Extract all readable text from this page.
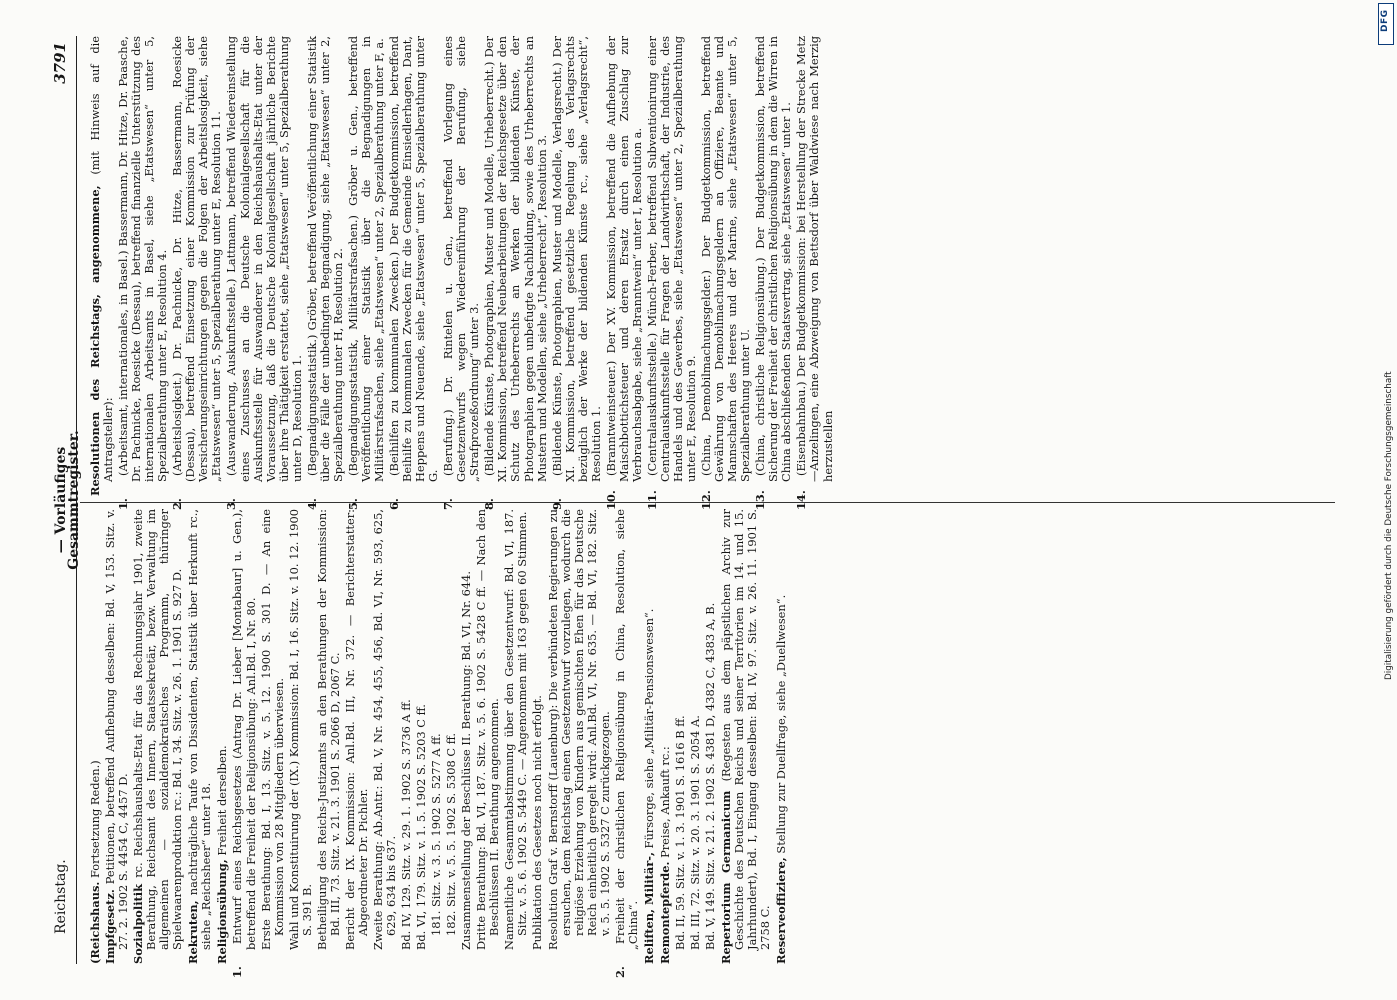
Reichstag.
— Vorläufiges Gesammtregister.
3791

(Reichshaus. Fortsetzung Reden.)

Impfgesetz. Petitionen, betreffend Aufhebung desselben: Bd. V, 153. Sitz. v. 27. 2. 1902 S. 4454 C, 4457 D. Sozialpolitik rc. Reichshaushalts-Etat für das Rechnungsjahr 1901, zweite Berathung, Reichsamt des Innern, Staatssekretär, bezw. Verwaltung im allgemeinen — sozialdemokratisches Programm, thüringer Spielwaarenproduktion rc.: Bd. I, 34. Sitz. v. 26. 1. 1901 S. 927 D. Rekruten, nachträgliche Taufe von Dissidenten, Statistik über Herkunft rc., siehe „Reichsheer“ unter 18. Religionsübung, Freiheit derselben.

1.Entwurf eines Reichsgesetzes (Antrag Dr. Lieber [Montabaur] u. Gen.), betreffend die Freiheit der Religionsübung: Anl.Bd. I, Nr. 80. Erste Berathung: Bd. I, 13. Sitz. v. 5. 12. 1900 S. 301 D. — An eine Kommission von 28 Mitgliedern überwiesen. Wahl und Konstituirung der (IX.) Kommission: Bd. I, 16. Sitz. v. 10. 12. 1900 S. 391 B. Betheiligung des Reichs-Justizamts an den Berathungen der Kommission: Bd. III, 73. Sitz. v. 21. 3. 1901 S. 2066 D, 2067 C. Bericht der IX. Kommission: Anl.Bd. III, Nr. 372. — Berichterstatter: Abgeordneter Dr. Pichler. Zweite Berathung: Ab.Antr.: Bd. V, Nr. 454, 455, 456, Bd. VI, Nr. 593, 625, 629, 634 bis 637. Bd. IV, 129. Sitz. v. 29. 1. 1902 S. 3736 A ff. Bd. VI, 179. Sitz. v. 1. 5. 1902 S. 5203 C ff. 181. Sitz. v. 3. 5. 1902 S. 5277 A ff. 182. Sitz. v. 5. 5. 1902 S. 5308 C ff. Zusammenstellung der Beschlüsse II. Berathung: Bd. VI, Nr. 644. Dritte Berathung: Bd. VI, 187. Sitz. v. 5. 6. 1902 S. 5428 C ff. — Nach den Beschlüssen II. Berathung angenommen. Namentliche Gesammtabstimmung über den Gesetzentwurf: Bd. VI, 187. Sitz. v. 5. 6. 1902 S. 5449 C. — Angenommen mit 163 gegen 60 Stimmen. Publikation des Gesetzes noch nicht erfolgt. Resolution Graf v. Bernstorff (Lauenburg): Die verbündeten Regierungen zu ersuchen, dem Reichstag einen Gesetzentwurf vorzulegen, wodurch die religiöse Erziehung von Kindern aus gemischten Ehen für das Deutsche Reich einheitlich geregelt wird: Anl.Bd. VI, Nr. 635. — Bd. VI, 182. Sitz. v. 5. 5. 1902 S. 5327 C zurückgezogen.

2.Freiheit der christlichen Religionsübung in China, Resolution, siehe „China“. Reliften, Militär-, Fürsorge, siehe „Militär-Pensionswesen“.

Remontepferde. Preise, Ankauft rc.: Bd. II, 59. Sitz. v. 1. 3. 1901 S. 1616 B ff. Bd. III, 72. Sitz. v. 20. 3. 1901 S. 2054 A. Bd. V, 149. Sitz. v. 21. 2. 1902 S. 4381 D, 4382 C, 4383 A, B. Repertorium Germanicum (Regesten aus dem päpstlichen Archiv zur Geschichte des Deutschen Reichs und seiner Territorien im 14. und 15. Jahrhundert), Bd. I, Eingang desselben: Bd. IV, 97. Sitz. v. 26. 11. 1901 S. 2758 C. Reserveoffiziere, Stellung zur Duellfrage, siehe „Duellwesen“.

Resolutionen des Reichstags, angenommene, (mit Hinweis auf die Antragsteller):

1.(Arbeitsamt, internationales, in Basel.) Bassermann, Dr. Hitze, Dr. Paasche, Dr. Pachnicke, Roesicke (Dessau), betreffend finanzielle Unterstützung des internationalen Arbeitsamts in Basel, siehe „Etatswesen“ unter 5, Spezialberathung unter E, Resolution 4.

2.(Arbeitslosigkeit.) Dr. Pachnicke, Dr. Hitze, Bassermann, Roesicke (Dessau), betreffend Einsetzung einer Kommission zur Prüfung der Versicherungseinrichtungen gegen die Folgen der Arbeitslosigkeit, siehe „Etatswesen“ unter 5, Spezialberathung unter E, Resolution 11.

3.(Auswanderung, Auskunftsstelle.) Lattmann, betreffend Wiedereinstellung eines Zuschusses an die Deutsche Kolonialgesellschaft für die Auskunftsstelle für Auswanderer in den Reichshaushalts-Etat unter der Voraussetzung, daß die Deutsche Kolonialgesellschaft jährliche Berichte über ihre Thätigkeit erstattet, siehe „Etatswesen“ unter 5, Spezialberathung unter D, Resolution 1.

4.(Begnadigungsstatistik.) Gröber, betreffend Veröffentlichung einer Statistik über die Fälle der unbedingten Begnadigung, siehe „Etatswesen“ unter 2, Spezialberathung unter H, Resolution 2.

5.(Begnadigungsstatistik, Militärstrafsachen.) Gröber u. Gen., betreffend Veröffentlichung einer Statistik über die Begnadigungen in Militärstrafsachen, siehe „Etatswesen“ unter 2, Spezialberathung unter F, a.

6.(Beihilfen zu kommunalen Zwecken.) Der Budgetkommission, betreffend Beihilfe zu kommunalen Zwecken für die Gemeinde Einsiedlerhagen, Dant, Heppens und Neuende, siehe „Etatswesen“ unter 5, Spezialberathung unter G.

7.(Berufung.) Dr. Rintelen u. Gen., betreffend Vorlegung eines Gesetzentwurfs wegen Wiedereinführung der Berufung, siehe „Strafprozeßordnung“ unter 3.

8.(Bildende Künste, Photographien, Muster und Modelle, Urheberrecht.) Der XI. Kommission, betreffend Neubearbeitungen der Reichsgesetze über den Schutz des Urheberrechts an Werken der bildenden Künste, der Photographien gegen unbefugte Nachbildung, sowie des Urheberrechts an Mustern und Modellen, siehe „Urheberrecht“, Resolution 3.

9.(Bildende Künste, Photographien, Muster und Modelle, Verlagsrecht.) Der XI. Kommission, betreffend gesetzliche Regelung des Verlagsrechts bezüglich der Werke der bildenden Künste rc., siehe „Verlagsrecht“, Resolution 1.

10.(Branntweinsteuer.) Der XV. Kommission, betreffend die Aufhebung der Maischbottichsteuer und deren Ersatz durch einen Zuschlag zur Verbrauchsabgabe, siehe „Branntwein“ unter I, Resolution a.

11.(Centralauskunftsstelle.) Münch-Ferber, betreffend Subventionirung einer Centralauskunftsstelle für Fragen der Landwirthschaft, der Industrie, des Handels und des Gewerbes, siehe „Etatswesen“ unter 2, Spezialberathung unter E, Resolution 9.

12.(China, Demobilmachungsgelder.) Der Budgetkommission, betreffend Gewährung von Demobilmachungsgeldern an Offiziere, Beamte und Mannschaften des Heeres und der Marine, siehe „Etatswesen“ unter 5, Spezialberathung unter U.

13.(China, christliche Religionsübung.) Der Budgetkommission, betreffend Sicherung der Freiheit der christlichen Religionsübung in dem die Wirren in China abschließenden Staatsvertrag, siehe „Etatswesen“ unter 1.

14.(Eisenbahnbau.) Der Budgetkommission: bei Herstellung der Strecke Metz—Anzelingen, eine Abzweigung von Bettsdorf über Waldwiese nach Merzig herzustellen	Digitalisierung gefördert durch die Deutsche Forschungsgemeinschaft
DFG
